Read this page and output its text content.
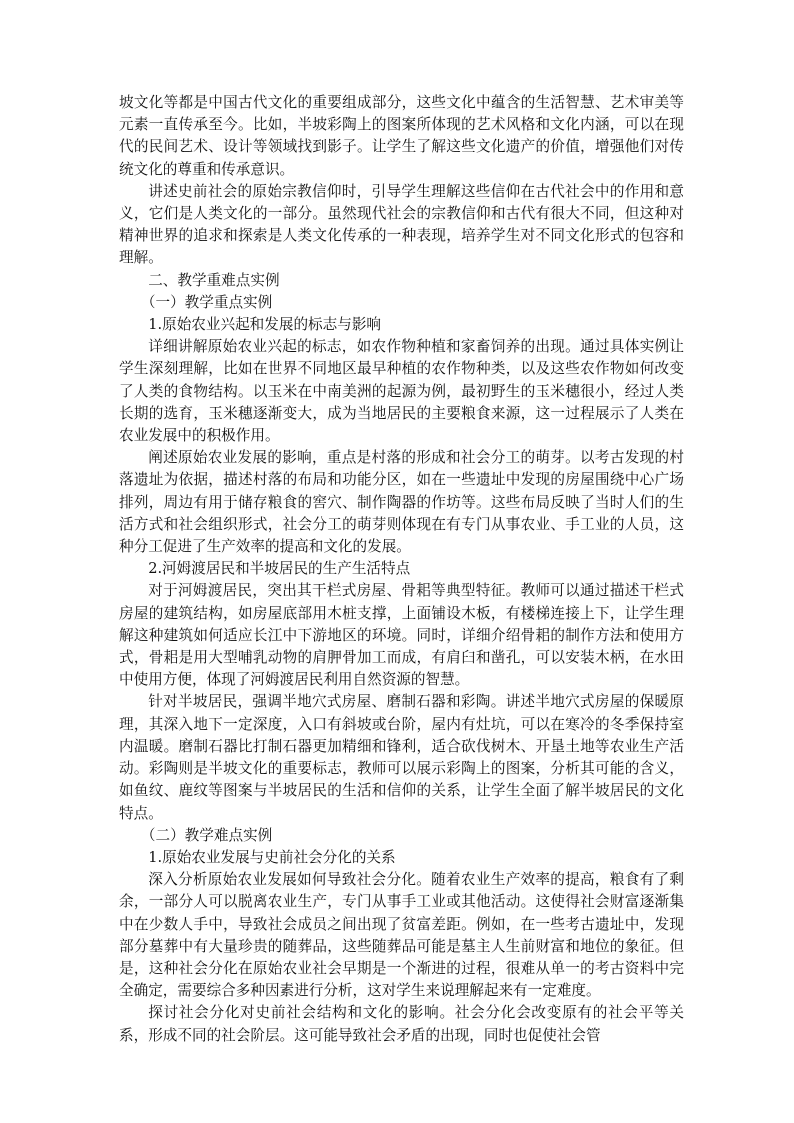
坡文化等都是中国古代文化的重要组成部分，这些文化中蕴含的生活智慧、艺术审美等元素一直传承至今。比如，半坡彩陶上的图案所体现的艺术风格和文化内涵，可以在现代的民间艺术、设计等领域找到影子。让学生了解这些文化遗产的价值，增强他们对传统文化的尊重和传承意识。

讲述史前社会的原始宗教信仰时，引导学生理解这些信仰在古代社会中的作用和意义，它们是人类文化的一部分。虽然现代社会的宗教信仰和古代有很大不同，但这种对精神世界的追求和探索是人类文化传承的一种表现，培养学生对不同文化形式的包容和理解。

二、教学重难点实例

（一）教学重点实例

1.原始农业兴起和发展的标志与影响

详细讲解原始农业兴起的标志，如农作物种植和家畜饲养的出现。通过具体实例让学生深刻理解，比如在世界不同地区最早种植的农作物种类，以及这些农作物如何改变了人类的食物结构。以玉米在中南美洲的起源为例，最初野生的玉米穗很小，经过人类长期的选育，玉米穗逐渐变大，成为当地居民的主要粮食来源，这一过程展示了人类在农业发展中的积极作用。

阐述原始农业发展的影响，重点是村落的形成和社会分工的萌芽。以考古发现的村落遗址为依据，描述村落的布局和功能分区，如在一些遗址中发现的房屋围绕中心广场排列，周边有用于储存粮食的窖穴、制作陶器的作坊等。这些布局反映了当时人们的生活方式和社会组织形式，社会分工的萌芽则体现在有专门从事农业、手工业的人员，这种分工促进了生产效率的提高和文化的发展。

2.河姆渡居民和半坡居民的生产生活特点

对于河姆渡居民，突出其干栏式房屋、骨耜等典型特征。教师可以通过描述干栏式房屋的建筑结构，如房屋底部用木桩支撑，上面铺设木板，有楼梯连接上下，让学生理解这种建筑如何适应长江中下游地区的环境。同时，详细介绍骨耜的制作方法和使用方式，骨耜是用大型哺乳动物的肩胛骨加工而成，有肩臼和凿孔，可以安装木柄，在水田中使用方便，体现了河姆渡居民利用自然资源的智慧。

针对半坡居民，强调半地穴式房屋、磨制石器和彩陶。讲述半地穴式房屋的保暖原理，其深入地下一定深度，入口有斜坡或台阶，屋内有灶坑，可以在寒冷的冬季保持室内温暖。磨制石器比打制石器更加精细和锋利，适合砍伐树木、开垦土地等农业生产活动。彩陶则是半坡文化的重要标志，教师可以展示彩陶上的图案，分析其可能的含义，如鱼纹、鹿纹等图案与半坡居民的生活和信仰的关系，让学生全面了解半坡居民的文化特点。

（二）教学难点实例

1.原始农业发展与史前社会分化的关系

深入分析原始农业发展如何导致社会分化。随着农业生产效率的提高，粮食有了剩余，一部分人可以脱离农业生产，专门从事手工业或其他活动。这使得社会财富逐渐集中在少数人手中，导致社会成员之间出现了贫富差距。例如，在一些考古遗址中，发现部分墓葬中有大量珍贵的随葬品，这些随葬品可能是墓主人生前财富和地位的象征。但是，这种社会分化在原始农业社会早期是一个渐进的过程，很难从单一的考古资料中完全确定，需要综合多种因素进行分析，这对学生来说理解起来有一定难度。

探讨社会分化对史前社会结构和文化的影响。社会分化会改变原有的社会平等关系，形成不同的社会阶层。这可能导致社会矛盾的出现，同时也促使社会管
